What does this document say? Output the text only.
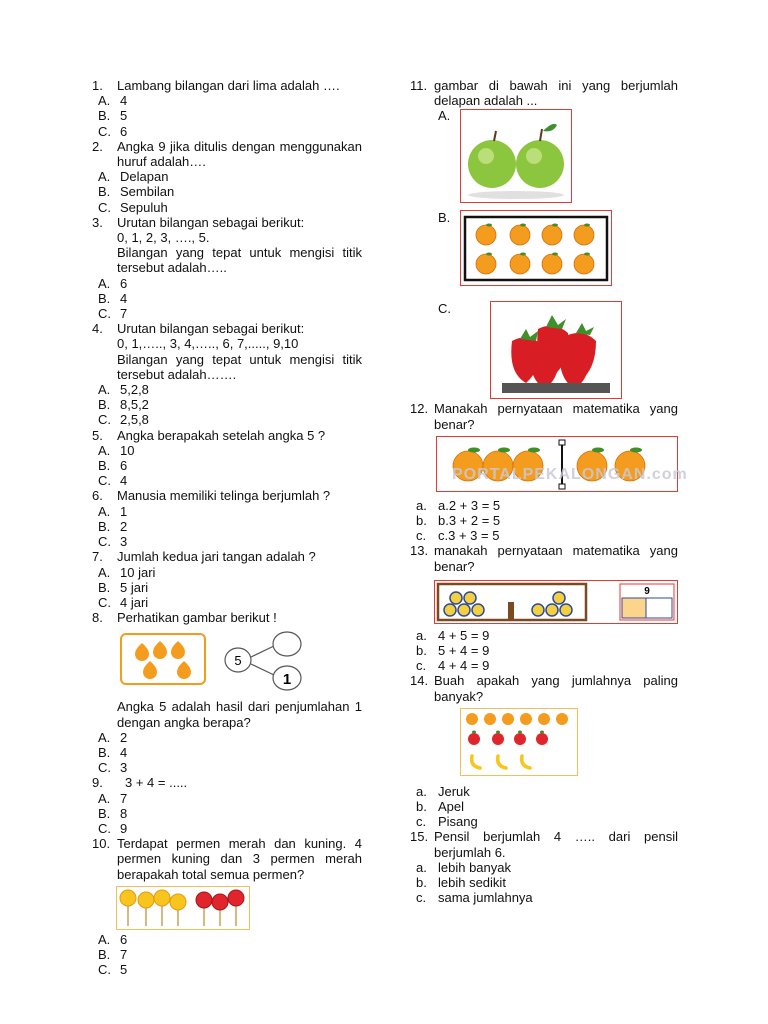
1. Lambang bilangan dari lima adalah ….
A. 4
B. 5
C. 6
2. Angka 9 jika ditulis dengan menggunakan huruf adalah….
A. Delapan
B. Sembilan
C. Sepuluh
3. Urutan bilangan sebagai berikut:
0, 1, 2, 3, …., 5.
Bilangan yang tepat untuk mengisi titik tersebut adalah…..
A. 6
B. 4
C. 7
4. Urutan bilangan sebagai berikut:
0, 1,….., 3, 4,….., 6, 7,....., 9,10
Bilangan yang tepat untuk mengisi titik tersebut adalah…….
A. 5,2,8
B. 8,5,2
C. 2,5,8
5. Angka berapakah setelah angka 5 ?
A. 10
B. 6
C. 4
6. Manusia memiliki telinga berjumlah ?
A. 1
B. 2
C. 3
7. Jumlah kedua jari tangan adalah ?
A. 10 jari
B. 5 jari
C. 4 jari
8. Perhatikan gambar berikut !
5
1
Angka 5 adalah hasil dari penjumlahan 1 dengan angka berapa?
A. 2
B. 4
C. 3
9. 3 + 4 = .....
A. 7
B. 8
C. 9
10. Terdapat permen merah dan kuning. 4 permen kuning dan 3 permen merah berapakah total semua permen?
A. 6
B. 7
C. 5
11. gambar di bawah ini yang berjumlah delapan adalah ...
A.
B.
C.
12. Manakah pernyataan matematika yang benar?
PORTALPEKALONGAN.com
a. a.2 + 3 = 5
b. b.3 + 2 = 5
c. c.3 + 3 = 5
13. manakah pernyataan matematika yang benar?
9
a. 4 + 5 = 9
b. 5 + 4 = 9
c. 4 + 4 = 9
14. Buah apakah yang jumlahnya paling banyak?
a. Jeruk
b. Apel
c. Pisang
15. Pensil berjumlah 4 ….. dari pensil berjumlah 6.
a. lebih banyak
b. lebih sedikit
c. sama jumlahnya
